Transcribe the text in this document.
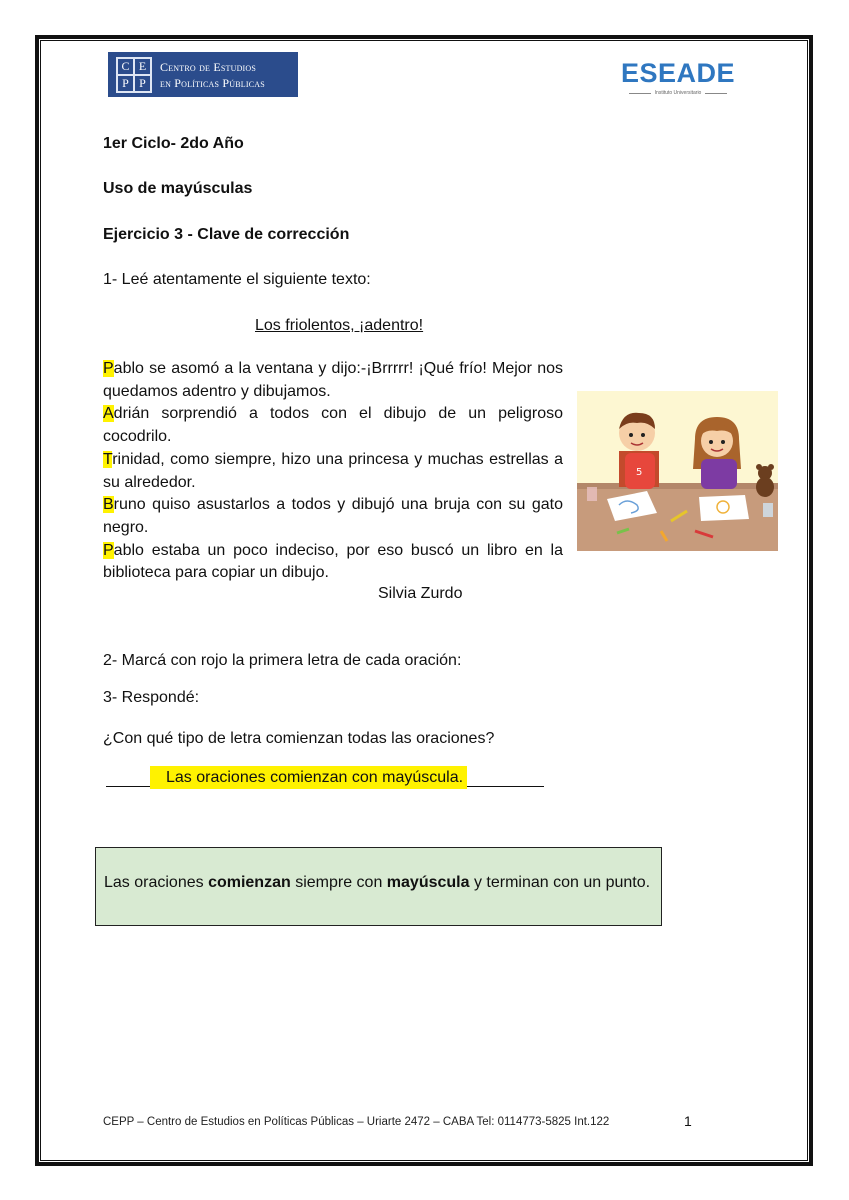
C E
P P
Centro de Estudios
en Políticas Públicas	ESEADE
Instituto Universitario
1er Ciclo- 2do Año
Uso de mayúsculas
Ejercicio 3 - Clave de corrección
1- Leé atentamente el siguiente texto:
Los friolentos, ¡adentro!

Pablo se asomó a la ventana y dijo:-¡Brrrrr! ¡Qué frío! Mejor nos quedamos adentro y dibujamos.

Adrián sorprendió a todos con el dibujo de un peligroso cocodrilo.

Trinidad, como siempre, hizo una princesa y muchas estrellas a su alrededor.

Bruno quiso asustarlos a todos y dibujó una bruja con su gato negro.

Pablo estaba un poco indeciso, por eso buscó un libro en la biblioteca para copiar un dibujo.

Silvia Zurdo
5
2- Marcá con rojo la primera letra de cada oración:
3- Respondé:
¿Con qué tipo de letra comienzan todas las oraciones?
Las oraciones comienzan con mayúscula.
Las oraciones comienzan siempre con mayúscula y terminan con un punto.
CEPP – Centro de Estudios en Políticas Públicas – Uriarte 2472 – CABA Tel: 0114773-5825 Int.122	1
